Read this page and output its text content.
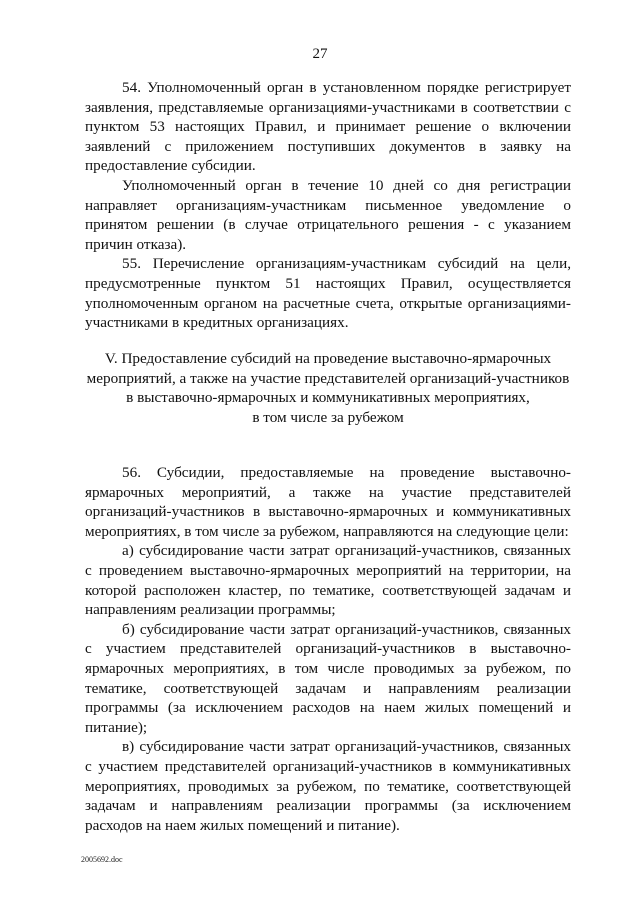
27

54. Уполномоченный орган в установленном порядке регистрирует заявления, представляемые организациями-участниками в соответствии с пунктом 53 настоящих Правил, и принимает решение о включении заявлений с приложением поступивших документов в заявку на предоставление субсидии.

Уполномоченный орган в течение 10 дней со дня регистрации направляет организациям-участникам письменное уведомление о принятом решении (в случае отрицательного решения - с указанием причин отказа).

55. Перечисление организациям-участникам субсидий на цели, предусмотренные пунктом 51 настоящих Правил, осуществляется уполномоченным органом на расчетные счета, открытые организациями-участниками в кредитных организациях.

V. Предоставление субсидий на проведение выставочно-ярмарочных
мероприятий, а также на участие представителей организаций-участников
в выставочно-ярмарочных и коммуникативных мероприятиях,
в том числе за рубежом

56. Субсидии, предоставляемые на проведение выставочно-ярмарочных мероприятий, а также на участие представителей организаций-участников в выставочно-ярмарочных и коммуникативных мероприятиях, в том числе за рубежом, направляются на следующие цели:

а) субсидирование части затрат организаций-участников, связанных с проведением выставочно-ярмарочных мероприятий на территории, на которой расположен кластер, по тематике, соответствующей задачам и направлениям реализации программы;

б) субсидирование части затрат организаций-участников, связанных с участием представителей организаций-участников в выставочно-ярмарочных мероприятиях, в том числе проводимых за рубежом, по тематике, соответствующей задачам и направлениям реализации программы (за исключением расходов на наем жилых помещений и питание);

в) субсидирование части затрат организаций-участников, связанных с участием представителей организаций-участников в коммуникативных мероприятиях, проводимых за рубежом, по тематике, соответствующей задачам и направлениям реализации программы (за исключением расходов на наем жилых помещений и питание).

2005692.doc
